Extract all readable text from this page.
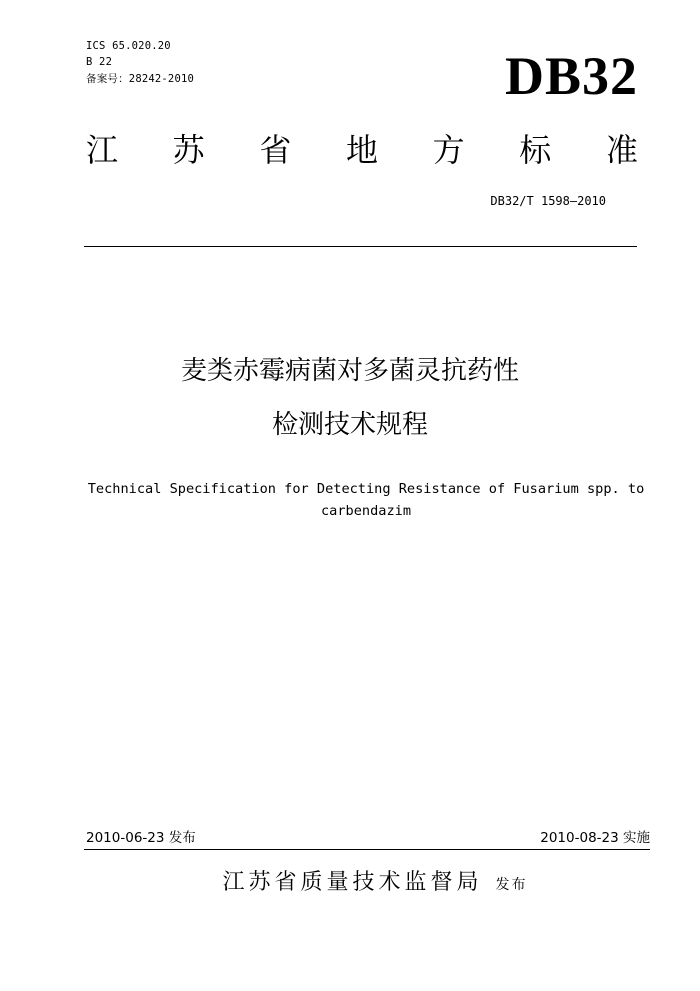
ICS 65.020.20
B 22
备案号：28242-2010	DB32
江 苏 省 地 方 标 准
DB32/T 1598—2010
麦类赤霉病菌对多菌灵抗药性
检测技术规程
Technical Specification for Detecting Resistance of Fusarium spp. to
carbendazim
2010-06-23 发布	2010-08-23 实施
江苏省质量技术监督局 发布
